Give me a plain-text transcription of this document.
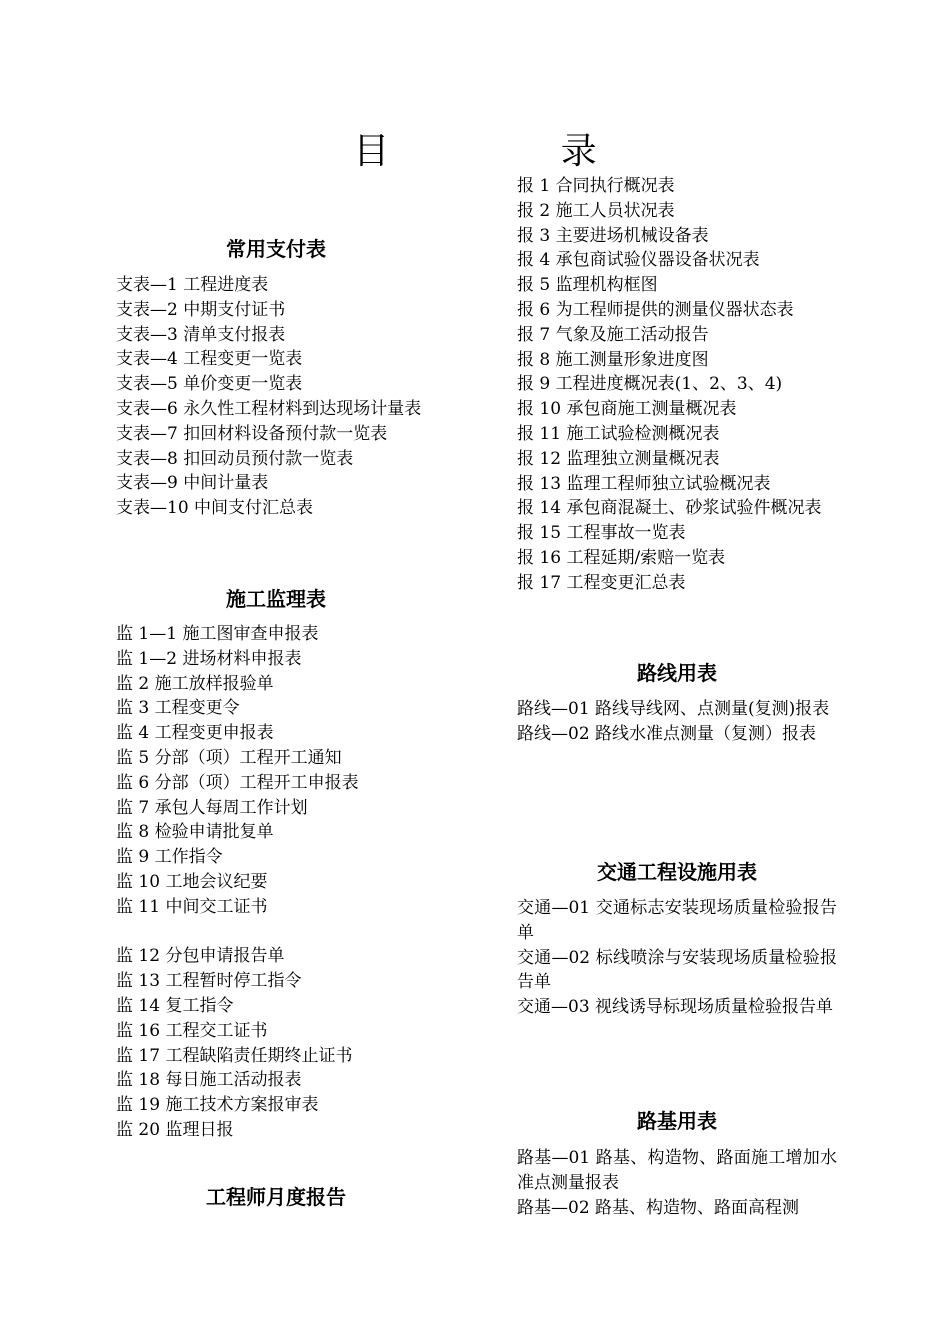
目 录
常用支付表
支表—1 工程进度表
支表—2 中期支付证书
支表—3 清单支付报表
支表—4 工程变更一览表
支表—5 单价变更一览表
支表—6 永久性工程材料到达现场计量表
支表—7 扣回材料设备预付款一览表
支表—8 扣回动员预付款一览表
支表—9 中间计量表
支表—10 中间支付汇总表
施工监理表
监 1—1 施工图审查申报表
监 1—2 进场材料申报表
监 2 施工放样报验单
监 3 工程变更令
监 4 工程变更申报表
监 5 分部（项）工程开工通知
监 6 分部（项）工程开工申报表
监 7 承包人每周工作计划
监 8 检验申请批复单
监 9 工作指令
监 10 工地会议纪要
监 11 中间交工证书
监 12 分包申请报告单
监 13 工程暂时停工指令
监 14 复工指令
监 16 工程交工证书
监 17 工程缺陷责任期终止证书
监 18 每日施工活动报表
监 19 施工技术方案报审表
监 20 监理日报
工程师月度报告
报 1 合同执行概况表
报 2 施工人员状况表
报 3 主要进场机械设备表
报 4 承包商试验仪器设备状况表
报 5 监理机构框图
报 6 为工程师提供的测量仪器状态表
报 7 气象及施工活动报告
报 8 施工测量形象进度图
报 9 工程进度概况表(1、2、3、4)
报 10 承包商施工测量概况表
报 11 施工试验检测概况表
报 12 监理独立测量概况表
报 13 监理工程师独立试验概况表
报 14 承包商混凝土、砂浆试验件概况表
报 15 工程事故一览表
报 16 工程延期/索赔一览表
报 17 工程变更汇总表
路线用表
路线—01 路线导线网、点测量(复测)报表
路线—02 路线水准点测量（复测）报表
交通工程设施用表
交通—01 交通标志安装现场质量检验报告单
交通—02 标线喷涂与安装现场质量检验报告单
交通—03 视线诱导标现场质量检验报告单
路基用表
路基—01 路基、构造物、路面施工增加水准点测量报表
路基—02 路基、构造物、路面高程测
